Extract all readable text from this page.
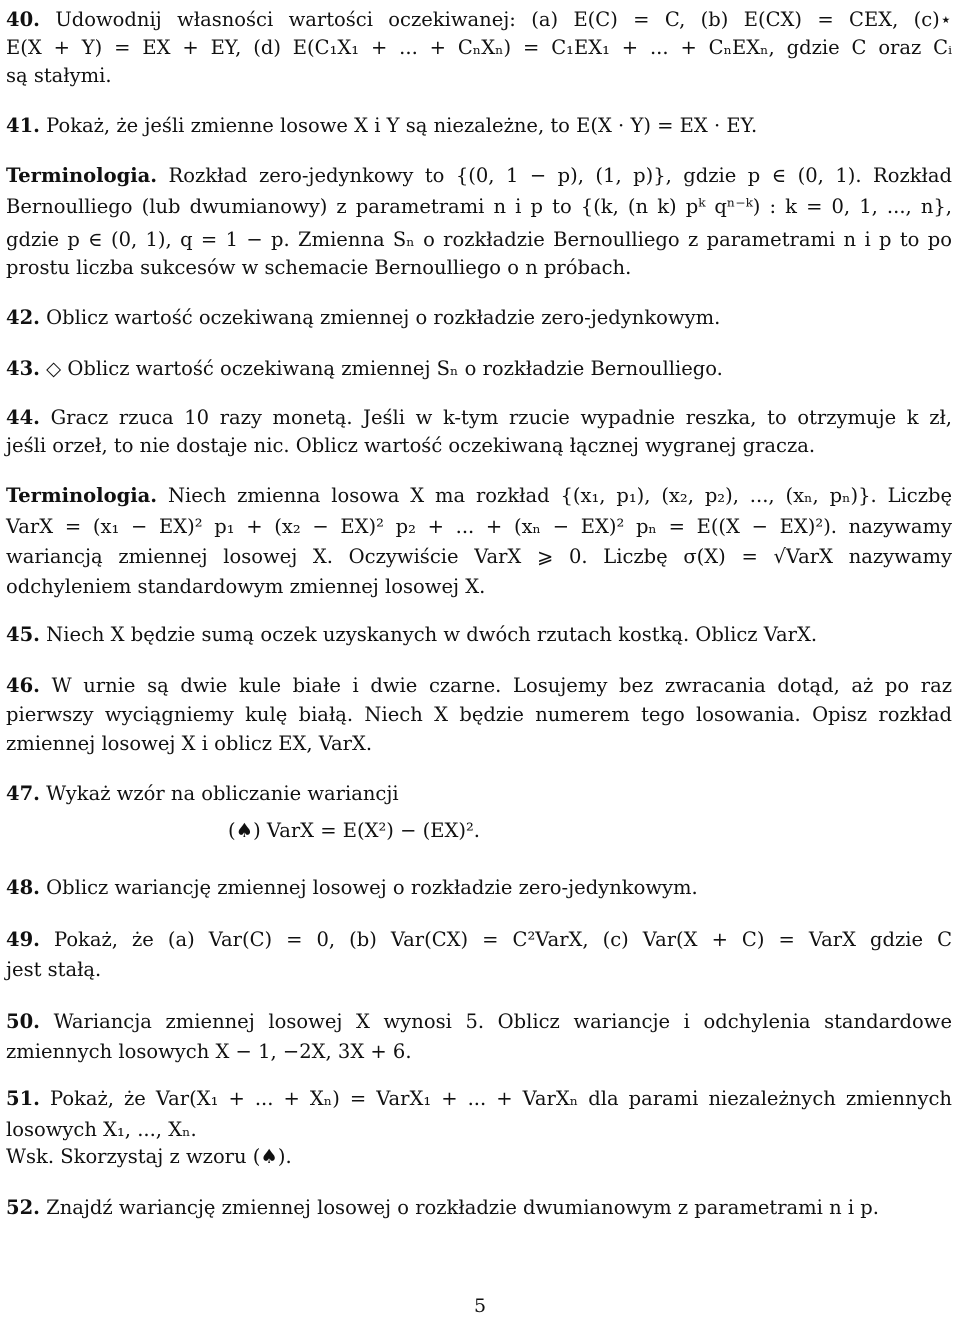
40. Udowodnij własności wartości oczekiwanej: (a) E(C) = C, (b) E(CX) = CEX, (c)⋆
E(X + Y) = EX + EY, (d) E(C₁X₁ + ... + CₙXₙ) = C₁EX₁ + ... + CₙEXₙ, gdzie C oraz Cᵢ
są stałymi.
41. Pokaż, że jeśli zmienne losowe X i Y są niezależne, to E(X · Y) = EX · EY.
Terminologia. Rozkład zero-jedynkowy to {(0, 1 − p), (1, p)}, gdzie p ∈ (0, 1). Rozkład
Bernoulliego (lub dwumianowy) z parametrami n i p to {(k, (n k) pᵏ qⁿ⁻ᵏ) : k = 0, 1, ..., n},
gdzie p ∈ (0, 1), q = 1 − p. Zmienna Sₙ o rozkładzie Bernoulliego z parametrami n i p to po
prostu liczba sukcesów w schemacie Bernoulliego o n próbach.
42. Oblicz wartość oczekiwaną zmiennej o rozkładzie zero-jedynkowym.
43. ◇ Oblicz wartość oczekiwaną zmiennej Sₙ o rozkładzie Bernoulliego.
44. Gracz rzuca 10 razy monetą. Jeśli w k-tym rzucie wypadnie reszka, to otrzymuje k zł,
jeśli orzeł, to nie dostaje nic. Oblicz wartość oczekiwaną łącznej wygranej gracza.
Terminologia. Niech zmienna losowa X ma rozkład {(x₁, p₁), (x₂, p₂), ..., (xₙ, pₙ)}. Liczbę
VarX = (x₁ − EX)² p₁ + (x₂ − EX)² p₂ + ... + (xₙ − EX)² pₙ = E((X − EX)²). nazywamy
wariancją zmiennej losowej X. Oczywiście VarX ⩾ 0. Liczbę σ(X) = √VarX nazywamy
odchyleniem standardowym zmiennej losowej X.
45. Niech X będzie sumą oczek uzyskanych w dwóch rzutach kostką. Oblicz VarX.
46. W urnie są dwie kule białe i dwie czarne. Losujemy bez zwracania dotąd, aż po raz
pierwszy wyciągniemy kulę białą. Niech X będzie numerem tego losowania. Opisz rozkład
zmiennej losowej X i oblicz EX, VarX.
47. Wykaż wzór na obliczanie wariancji
48. Oblicz wariancję zmiennej losowej o rozkładzie zero-jedynkowym.
49. Pokaż, że (a) Var(C) = 0, (b) Var(CX) = C²VarX, (c) Var(X + C) = VarX gdzie C
jest stałą.
50. Wariancja zmiennej losowej X wynosi 5. Oblicz wariancje i odchylenia standardowe
zmiennych losowych X − 1, −2X, 3X + 6.
51. Pokaż, że Var(X₁ + ... + Xₙ) = VarX₁ + ... + VarXₙ dla parami niezależnych zmiennych
losowych X₁, ..., Xₙ.
Wsk. Skorzystaj z wzoru (♠).
52. Znajdź wariancję zmiennej losowej o rozkładzie dwumianowym z parametrami n i p.
(♠) VarX = E(X²) − (EX)².
5
